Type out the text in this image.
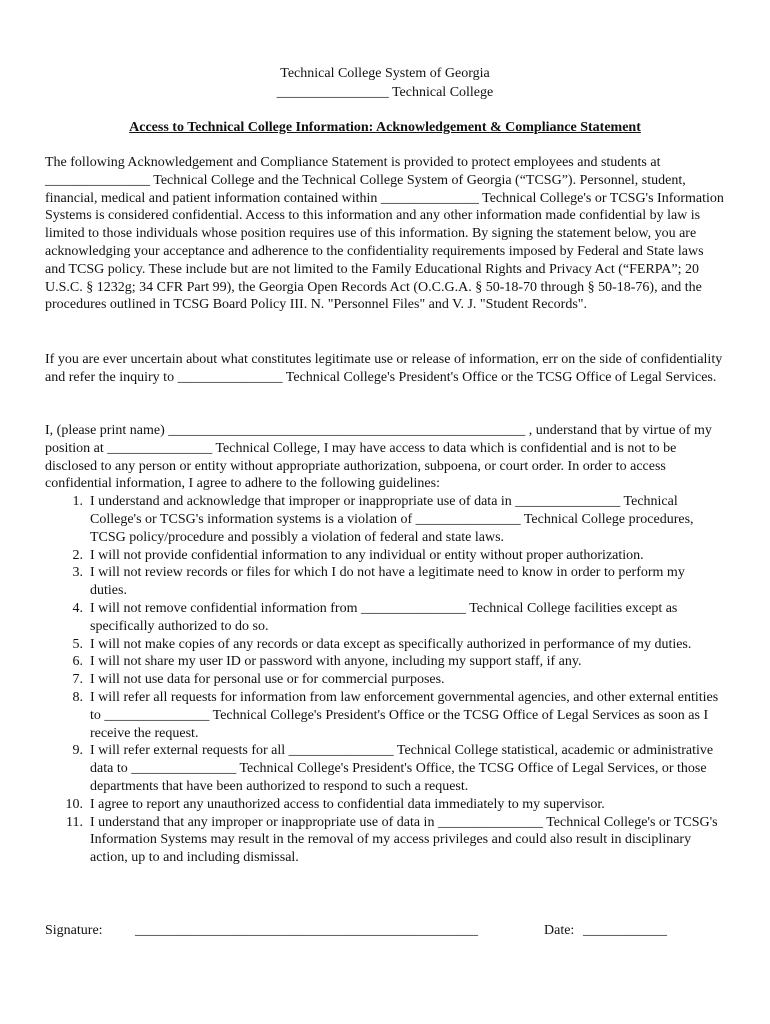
Technical College System of Georgia
________________ Technical College
Access to Technical College Information: Acknowledgement & Compliance Statement

The following Acknowledgement and Compliance Statement is provided to protect employees and students at _______________ Technical College and the Technical College System of Georgia (“TCSG”). Personnel, student, financial, medical and patient information contained within ______________ Technical College's or TCSG's Information Systems is considered confidential. Access to this information and any other information made confidential by law is limited to those individuals whose position requires use of this information. By signing the statement below, you are acknowledging your acceptance and adherence to the confidentiality requirements imposed by Federal and State laws and TCSG policy. These include but are not limited to the Family Educational Rights and Privacy Act (“FERPA”; 20 U.S.C. § 1232g; 34 CFR Part 99), the Georgia Open Records Act (O.C.G.A. § 50-18-70 through § 50-18-76), and the procedures outlined in TCSG Board Policy III. N. "Personnel Files" and V. J. "Student Records".

If you are ever uncertain about what constitutes legitimate use or release of information, err on the side of confidentiality and refer the inquiry to _______________ Technical College's President's Office or the TCSG Office of Legal Services.

I, (please print name) ___________________________________________________ , understand that by virtue of my position at _______________ Technical College, I may have access to data which is confidential and is not to be disclosed to any person or entity without appropriate authorization, subpoena, or court order. In order to access confidential information, I agree to adhere to the following guidelines:

1. I understand and acknowledge that improper or inappropriate use of data in _______________ Technical College's or TCSG's information systems is a violation of _______________ Technical College procedures, TCSG policy/procedure and possibly a violation of federal and state laws.
2. I will not provide confidential information to any individual or entity without proper authorization.
3. I will not review records or files for which I do not have a legitimate need to know in order to perform my duties.
4. I will not remove confidential information from _______________ Technical College facilities except as specifically authorized to do so.
5. I will not make copies of any records or data except as specifically authorized in performance of my duties.
6. I will not share my user ID or password with anyone, including my support staff, if any.
7. I will not use data for personal use or for commercial purposes.
8. I will refer all requests for information from law enforcement governmental agencies, and other external entities to _______________ Technical College's President's Office or the TCSG Office of Legal Services as soon as I receive the request.
9. I will refer external requests for all _______________ Technical College statistical, academic or administrative data to _______________ Technical College's President's Office, the TCSG Office of Legal Services, or those departments that have been authorized to respond to such a request.
10. I agree to report any unauthorized access to confidential data immediately to my supervisor.
11. I understand that any improper or inappropriate use of data in _______________ Technical College's or TCSG's Information Systems may result in the removal of my access privileges and could also result in disciplinary action, up to and including dismissal.
Signature: _________________________________________________	Date: ____________
